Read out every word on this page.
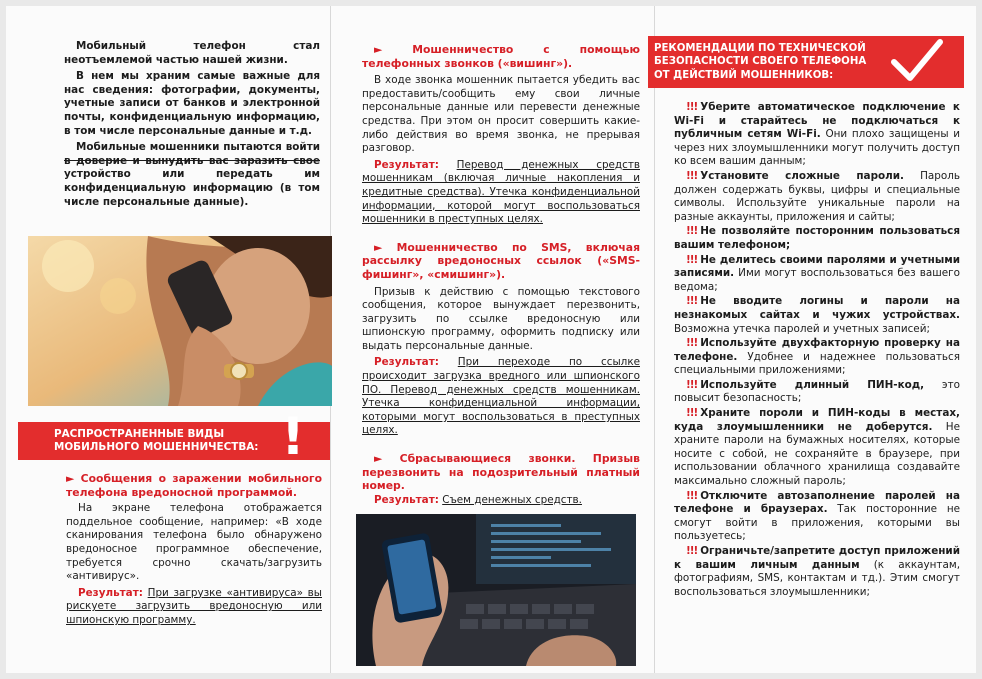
Мобильный телефон стал неотъемлемой частью нашей жизни.

В нем мы храним самые важные для нас сведения: фотографии, документы, учетные записи от банков и электронной почты, конфиденциальную информацию, в том числе персональные данные и т.д.

Мобильные мошенники пытаются войти в доверие и вынудить вас заразить свое устройство или передать им конфиденциальную информацию (в том числе персональные данные).

РАСПРОСТРАНЕННЫЕ ВИДЫ
МОБИЛЬНОГО МОШЕННИЧЕСТВА: !

► Сообщения о заражении мобильного телефона вредоносной программой.

На экране телефона отображается поддельное сообщение, например: «В ходе сканирования телефона было обнаружено вредоносное программное обеспечение, требуется срочно скачать/загрузить «антивирус».

Результат: При загрузке «антивируса» вы рискуете загрузить вредоносную или шпионскую программу.

► Мошенничество с помощью телефонных звонков («вишинг»).

В ходе звонка мошенник пытается убедить вас предоставить/сообщить ему свои личные персональные данные или перевести денежные средства. При этом он просит совершить какие-либо действия во время звонка, не прерывая разговор.

Результат: Перевод денежных средств мошенникам (включая личные накопления и кредитные средства). Утечка конфиденциальной информации, которой могут воспользоваться мошенники в преступных целях.

► Мошенничество по SMS, включая рассылку вредоносных ссылок («SMS-фишинг», «смишинг»).

Призыв к действию с помощью текстового сообщения, которое вынуждает перезвонить, загрузить по ссылке вредоносную или шпионскую программу, оформить подписку или выдать персональные данные.

Результат: При переходе по ссылке происходит загрузка вредного или шпионского ПО. Перевод денежных средств мошенникам. Утечка конфиденциальной информации, которыми могут воспользоваться в преступных целях.

► Сбрасывающиеся звонки. Призыв перезвонить на подозрительный платный номер.

Результат: Съем денежных средств.

РЕКОМЕНДАЦИИ ПО ТЕХНИЧЕСКОЙ
БЕЗОПАСНОСТИ СВОЕГО ТЕЛЕФОНА
ОТ ДЕЙСТВИЙ МОШЕННИКОВ:

!!! Уберите автоматическое подключение к Wi-Fi и старайтесь не подключаться к публичным сетям Wi-Fi. Они плохо защищены и через них злоумышленники могут получить доступ ко всем вашим данным;

!!! Установите сложные пароли. Пароль должен содержать буквы, цифры и специальные символы. Используйте уникальные пароли на разные аккаунты, приложения и сайты;

!!! Не позволяйте посторонним пользоваться вашим телефоном;

!!! Не делитесь своими паролями и учетными записями. Ими могут воспользоваться без вашего ведома;

!!! Не вводите логины и пароли на незнакомых сайтах и чужих устройствах. Возможна утечка паролей и учетных записей;

!!! Используйте двухфакторную проверку на телефоне. Удобнее и надежнее пользоваться специальными приложениями;

!!! Используйте длинный ПИН-код, это повысит безопасность;

!!! Храните пороли и ПИН-коды в местах, куда злоумышленники не доберутся. Не храните пароли на бумажных носителях, которые носите с собой, не сохраняйте в браузере, при использовании облачного хранилища создавайте максимально сложный пароль;

!!! Отключите автозаполнение паролей на телефоне и браузерах. Так посторонние не смогут войти в приложения, которыми вы пользуетесь;

!!! Ограничьте/запретите доступ приложений к вашим личным данным (к аккаунтам, фотографиям, SMS, контактам и тд.). Этим смогут воспользоваться злоумышленники;
